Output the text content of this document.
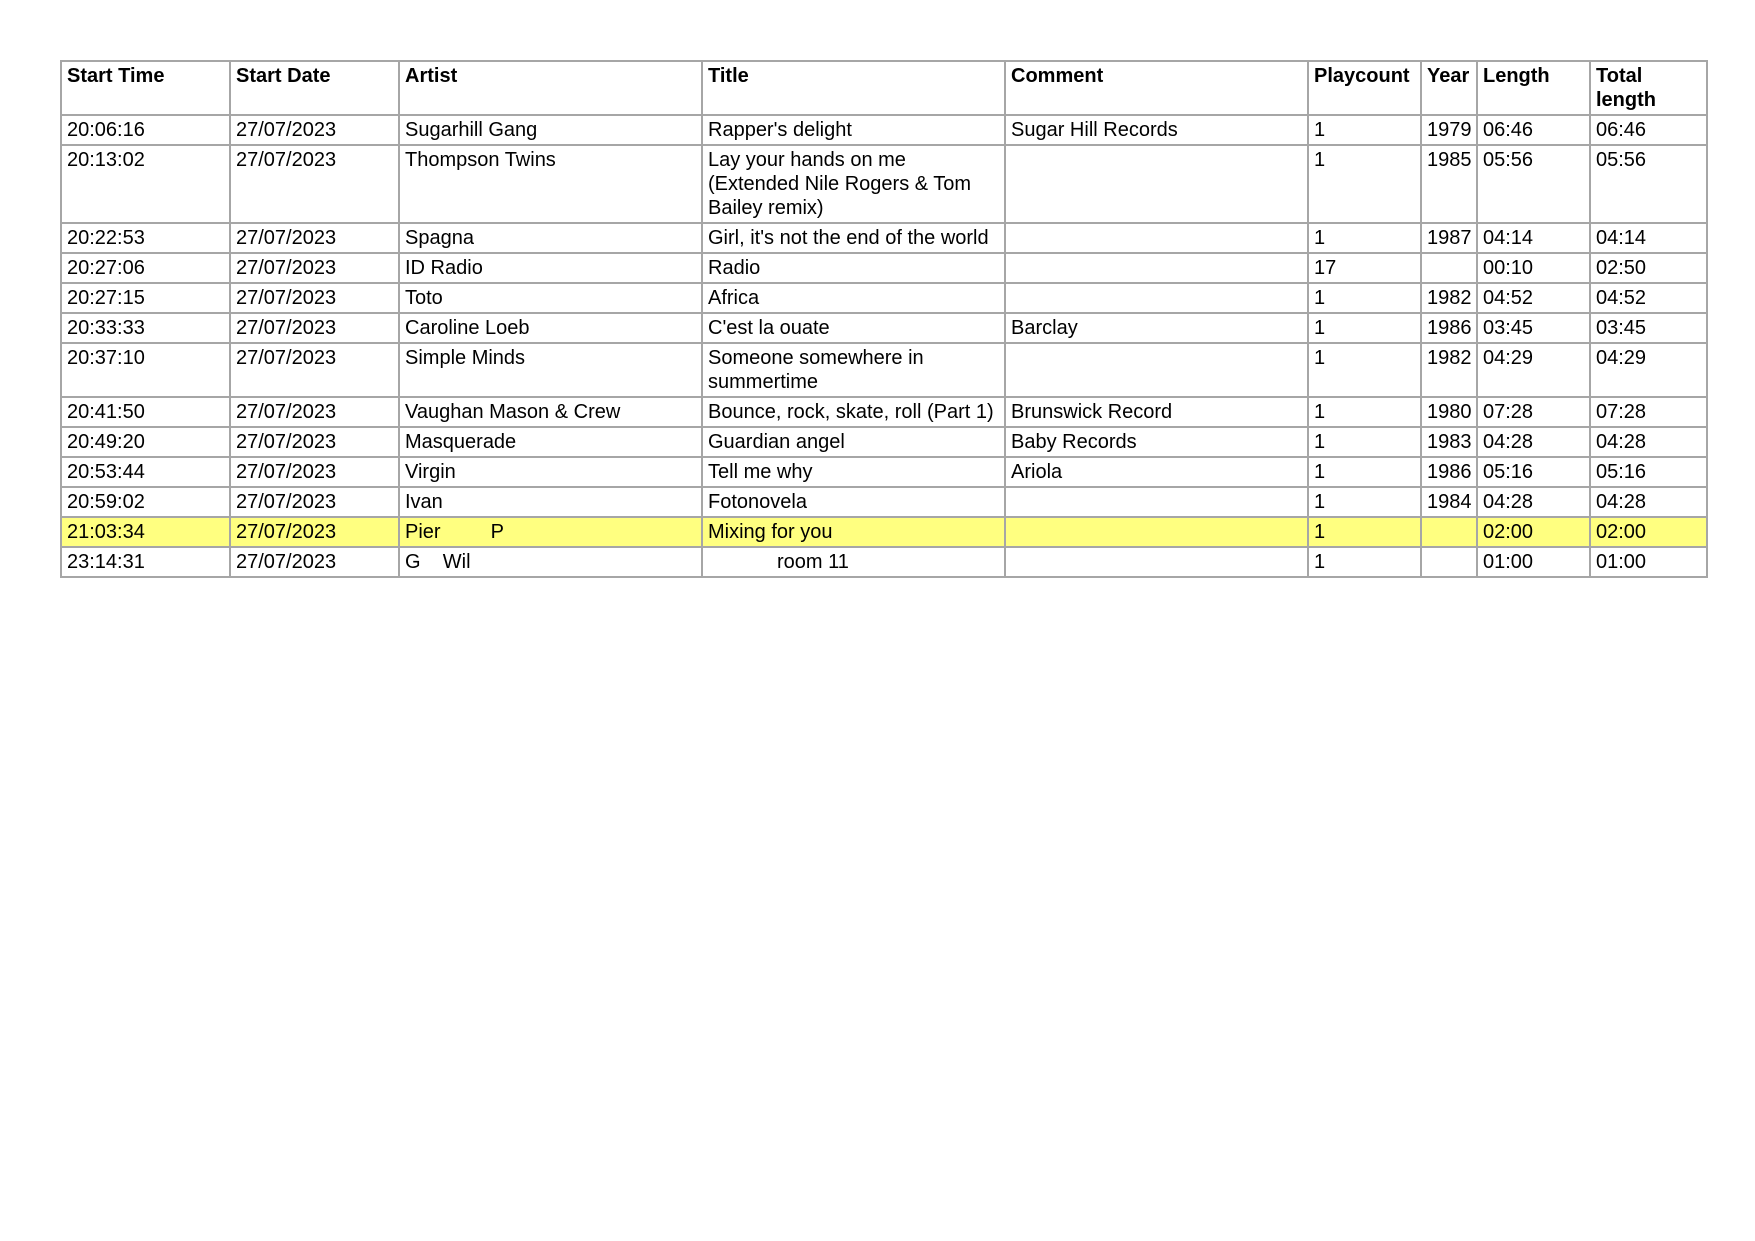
Start Time	Start Date	Artist	Title	Comment	Playcount	Year	Length	Total length
20:06:16	27/07/2023	Sugarhill Gang	Rapper's delight	Sugar Hill Records	1	1979	06:46	06:46
20:13:02	27/07/2023	Thompson Twins	Lay your hands on me (Extended Nile Rogers & Tom Bailey remix)		1	1985	05:56	05:56
20:22:53	27/07/2023	Spagna	Girl, it's not the end of the world		1	1987	04:14	04:14
20:27:06	27/07/2023	ID Radio	Radio		17		00:10	02:50
20:27:15	27/07/2023	Toto	Africa		1	1982	04:52	04:52
20:33:33	27/07/2023	Caroline Loeb	C'est la ouate	Barclay	1	1986	03:45	03:45
20:37:10	27/07/2023	Simple Minds	Someone somewhere in summertime		1	1982	04:29	04:29
20:41:50	27/07/2023	Vaughan Mason & Crew	Bounce, rock, skate, roll (Part 1)	Brunswick Record	1	1980	07:28	07:28
20:49:20	27/07/2023	Masquerade	Guardian angel	Baby Records	1	1983	04:28	04:28
20:53:44	27/07/2023	Virgin	Tell me why	Ariola	1	1986	05:16	05:16
20:59:02	27/07/2023	Ivan	Fotonovela		1	1984	04:28	04:28
21:03:34	27/07/2023	Pier         P	Mixing for you		1		02:00	02:00
23:14:31	27/07/2023	G    Wil	room 11		1		01:00	01:00
